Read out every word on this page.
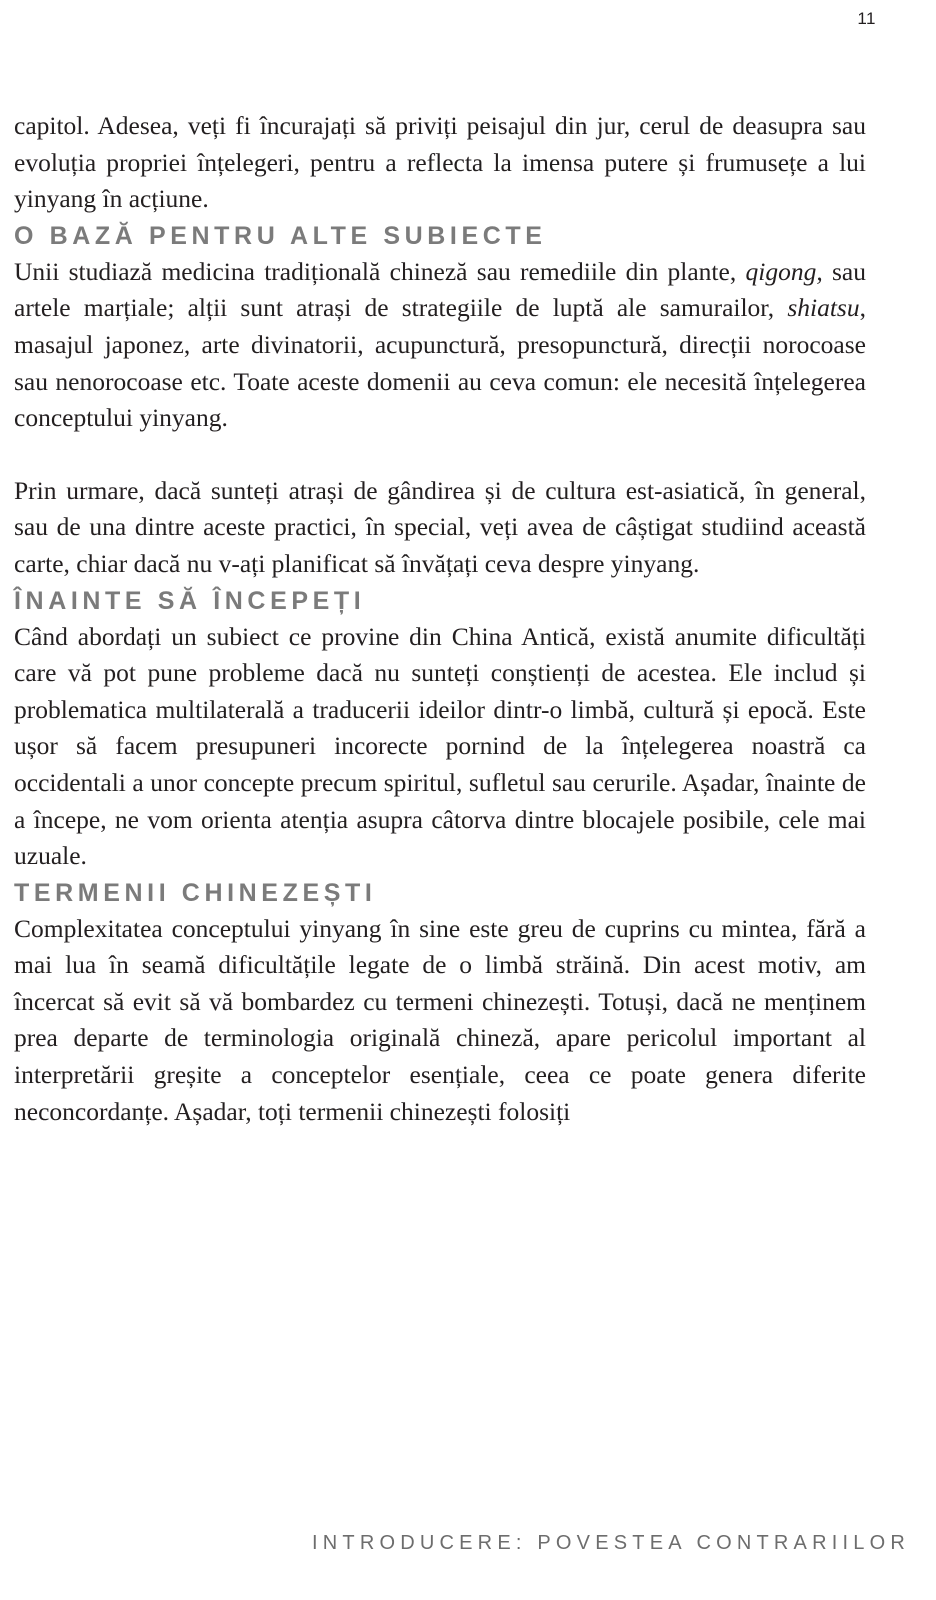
11

capitol. Adesea, veți fi încurajați să priviți peisajul din jur, cerul de deasupra sau evoluția propriei înțelegeri, pentru a reflecta la imensa putere și frumusețe a lui yinyang în acțiune.

O BAZĂ PENTRU ALTE SUBIECTE

Unii studiază medicina tradițională chineză sau remediile din plante, qigong, sau artele marțiale; alții sunt atrași de strategiile de luptă ale samurailor, shiatsu, masajul japonez, arte divinatorii, acupunctură, presopunctură, direcții norocoase sau nenorocoase etc. Toate aceste domenii au ceva comun: ele necesită înțelegerea conceptului yinyang.

Prin urmare, dacă sunteți atrași de gândirea și de cultura est-asiatică, în general, sau de una dintre aceste practici, în special, veți avea de câștigat studiind această carte, chiar dacă nu v-ați planificat să învățați ceva despre yinyang.

ÎNAINTE SĂ ÎNCEPEȚI

Când abordați un subiect ce provine din China Antică, există anumite dificultăți care vă pot pune probleme dacă nu sunteți conștienți de acestea. Ele includ și problematica multilaterală a traducerii ideilor dintr-o limbă, cultură și epocă. Este ușor să facem presupuneri incorecte pornind de la înțelegerea noastră ca occidentali a unor concepte precum spiritul, sufletul sau cerurile. Așadar, înainte de a începe, ne vom orienta atenția asupra câtorva dintre blocajele posibile, cele mai uzuale.

TERMENII CHINEZEȘTI

Complexitatea conceptului yinyang în sine este greu de cuprins cu mintea, fără a mai lua în seamă dificultățile legate de o limbă străină. Din acest motiv, am încercat să evit să vă bombardez cu termeni chinezești. Totuși, dacă ne menținem prea departe de terminologia originală chineză, apare pericolul important al interpretării greșite a conceptelor esențiale, ceea ce poate genera diferite neconcordanțe. Așadar, toți termenii chinezești folosiți

INTRODUCERE: POVESTEA CONTRARIILOR
